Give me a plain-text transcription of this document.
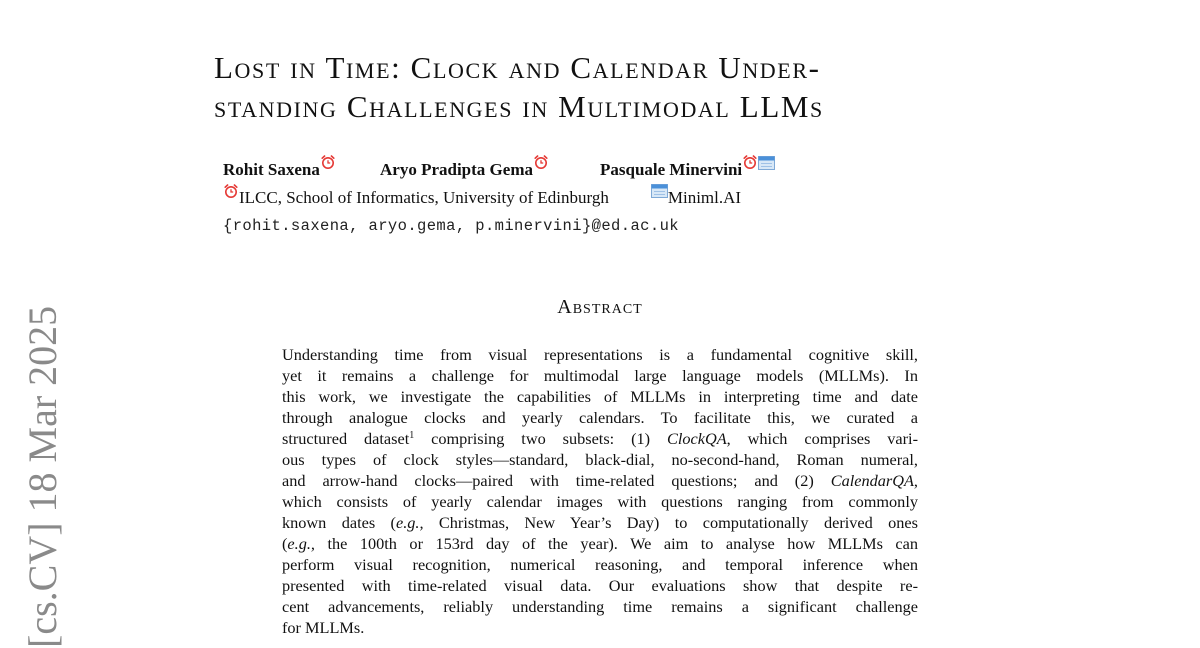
[cs.CV] 18 Mar 2025
Lost in Time: Clock and Calendar Under-
standing Challenges in Multimodal LLMs
Rohit Saxena	Aryo Pradipta Gema	Pasquale Minervini
ILCC, School of Informatics, University of Edinburgh	Miniml.AI
{rohit.saxena, aryo.gema, p.minervini}@ed.ac.uk
Abstract
Understanding time from visual representations is a fundamental cognitive skill,
yet it remains a challenge for multimodal large language models (MLLMs). In
this work, we investigate the capabilities of MLLMs in interpreting time and date
through analogue clocks and yearly calendars. To facilitate this, we curated a
structured dataset$^1$ comprising two subsets: (1) ClockQA, which comprises vari-
ous types of clock styles—standard, black-dial, no-second-hand, Roman numeral,
and arrow-hand clocks—paired with time-related questions; and (2) CalendarQA,
which consists of yearly calendar images with questions ranging from commonly
known dates (e.g., Christmas, New Year’s Day) to computationally derived ones
(e.g., the 100th or 153rd day of the year). We aim to analyse how MLLMs can
perform visual recognition, numerical reasoning, and temporal inference when
presented with time-related visual data. Our evaluations show that despite re-
cent advancements, reliably understanding time remains a significant challenge
for MLLMs.
